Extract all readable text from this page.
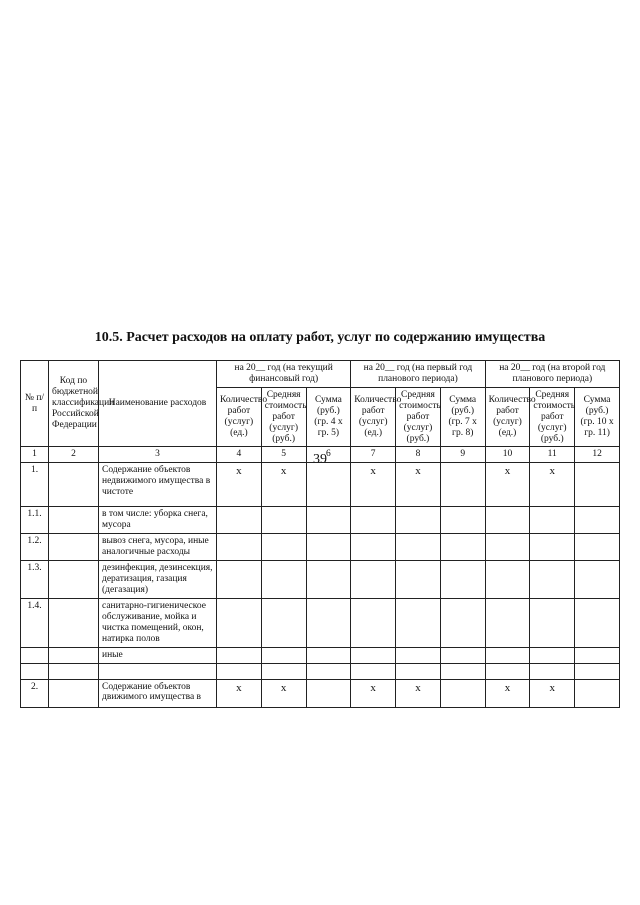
39
10.5. Расчет расходов на оплату работ, услуг по содержанию имущества
№ п/п	Код по бюджетной классификации Российской Федерации	Наименование расходов	на 20__ год (на текущий финансовый год)			на 20__ год (на первый год планового периода)			на 20__ год (на второй год планового периода)		
			Количество работ (услуг) (ед.)	Средняя стоимость работ (услуг) (руб.)	Сумма (руб.) (гр. 4 х гр. 5)	Количество работ (услуг) (ед.)	Средняя стоимость работ (услуг) (руб.)	Сумма (руб.) (гр. 7 х гр. 8)	Количество работ (услуг) (ед.)	Средняя стоимость работ (услуг) (руб.)	Сумма (руб.) (гр. 10 х гр. 11)
1	2	3	4	5	6	7	8	9	10	11	12
1.		Содержание объектов недвижимого имущества в чистоте	x	x		x	x		x	x	
1.1.		в том числе: уборка снега, мусора									
1.2.		вывоз снега, мусора, иные аналогичные расходы									
1.3.		дезинфекция, дезинсекция, дератизация, газация (дегазация)									
1.4.		санитарно-гигиеническое обслуживание, мойка и чистка помещений, окон, натирка полов									
		иные									

2.		Содержание объектов движимого имущества в	x	x		x	x		x	x	
